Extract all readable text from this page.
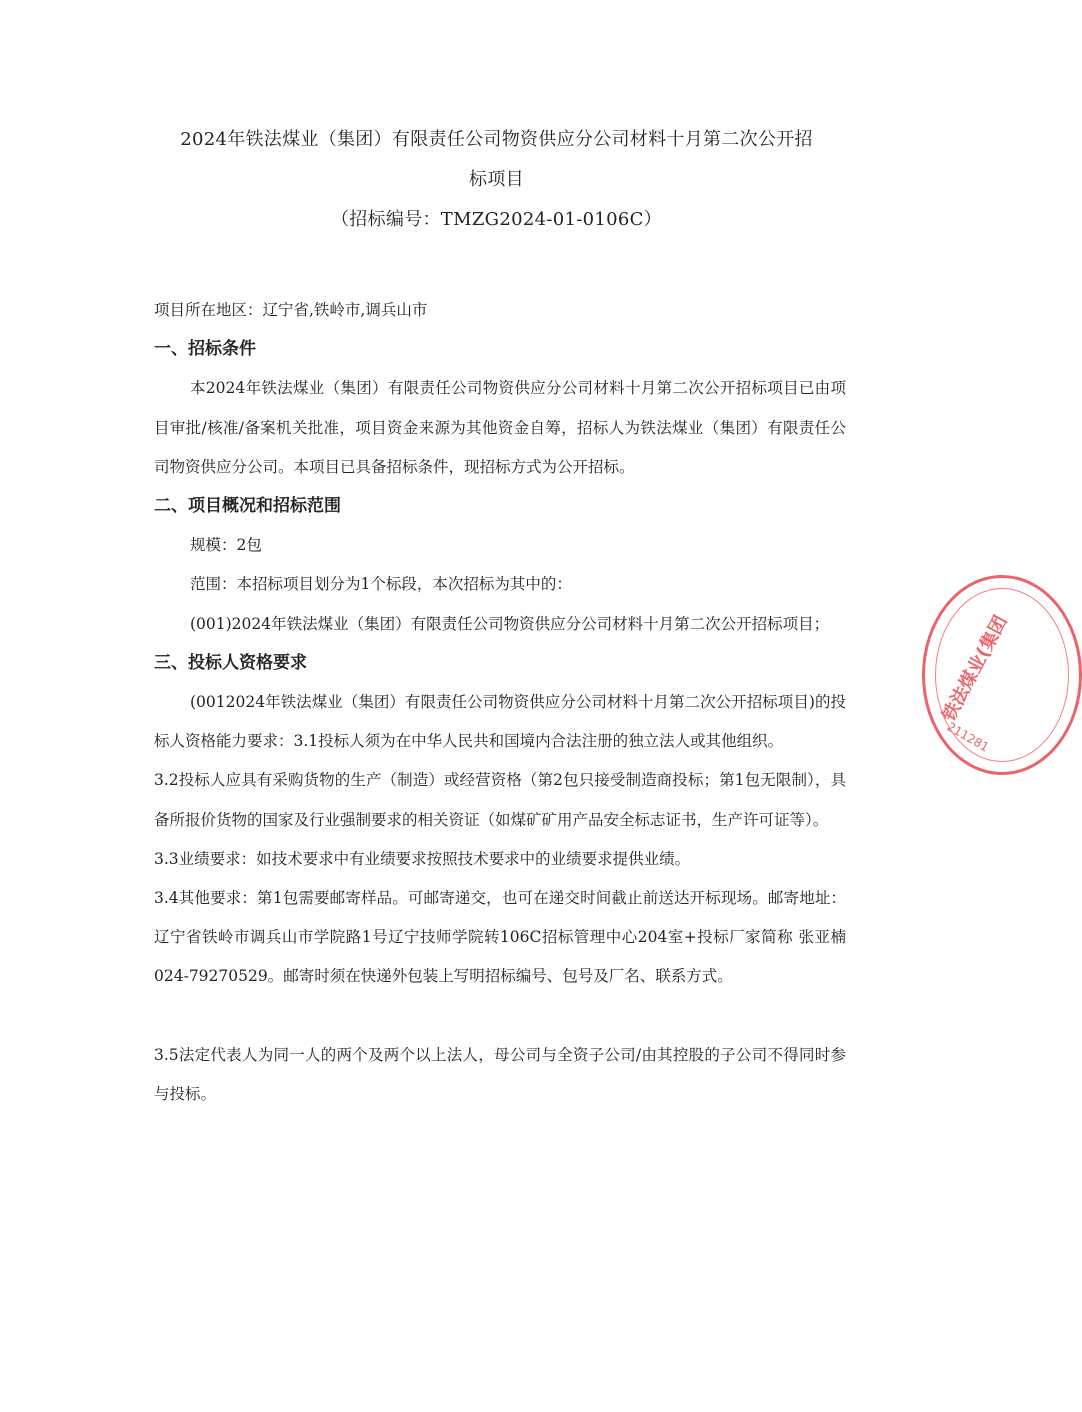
2024年铁法煤业（集团）有限责任公司物资供应分公司材料十月第二次公开招
标项目
（招标编号：TMZG2024-01-0106C）

项目所在地区：辽宁省,铁岭市,调兵山市

一、招标条件

本2024年铁法煤业（集团）有限责任公司物资供应分公司材料十月第二次公开招标项目已由项目审批/核准/备案机关批准，项目资金来源为其他资金自筹，招标人为铁法煤业（集团）有限责任公司物资供应分公司。本项目已具备招标条件，现招标方式为公开招标。

二、项目概况和招标范围

规模：2包

范围：本招标项目划分为1个标段，本次招标为其中的：

(001)2024年铁法煤业（集团）有限责任公司物资供应分公司材料十月第二次公开招标项目；

三、投标人资格要求

(0012024年铁法煤业（集团）有限责任公司物资供应分公司材料十月第二次公开招标项目)的投标人资格能力要求：3.1投标人须为在中华人民共和国境内合法注册的独立法人或其他组织。

3.2投标人应具有采购货物的生产（制造）或经营资格（第2包只接受制造商投标；第1包无限制），具备所报价货物的国家及行业强制要求的相关资证（如煤矿矿用产品安全标志证书，生产许可证等）。

3.3业绩要求：如技术要求中有业绩要求按照技术要求中的业绩要求提供业绩。

3.4其他要求：第1包需要邮寄样品。可邮寄递交，也可在递交时间截止前送达开标现场。邮寄地址：辽宁省铁岭市调兵山市学院路1号辽宁技师学院转106C招标管理中心204室+投标厂家简称 张亚楠 024-79270529。邮寄时须在快递外包装上写明招标编号、包号及厂名、联系方式。

3.5法定代表人为同一人的两个及两个以上法人，母公司与全资子公司/由其控股的子公司不得同时参与投标。

铁法煤业(集团
211281
